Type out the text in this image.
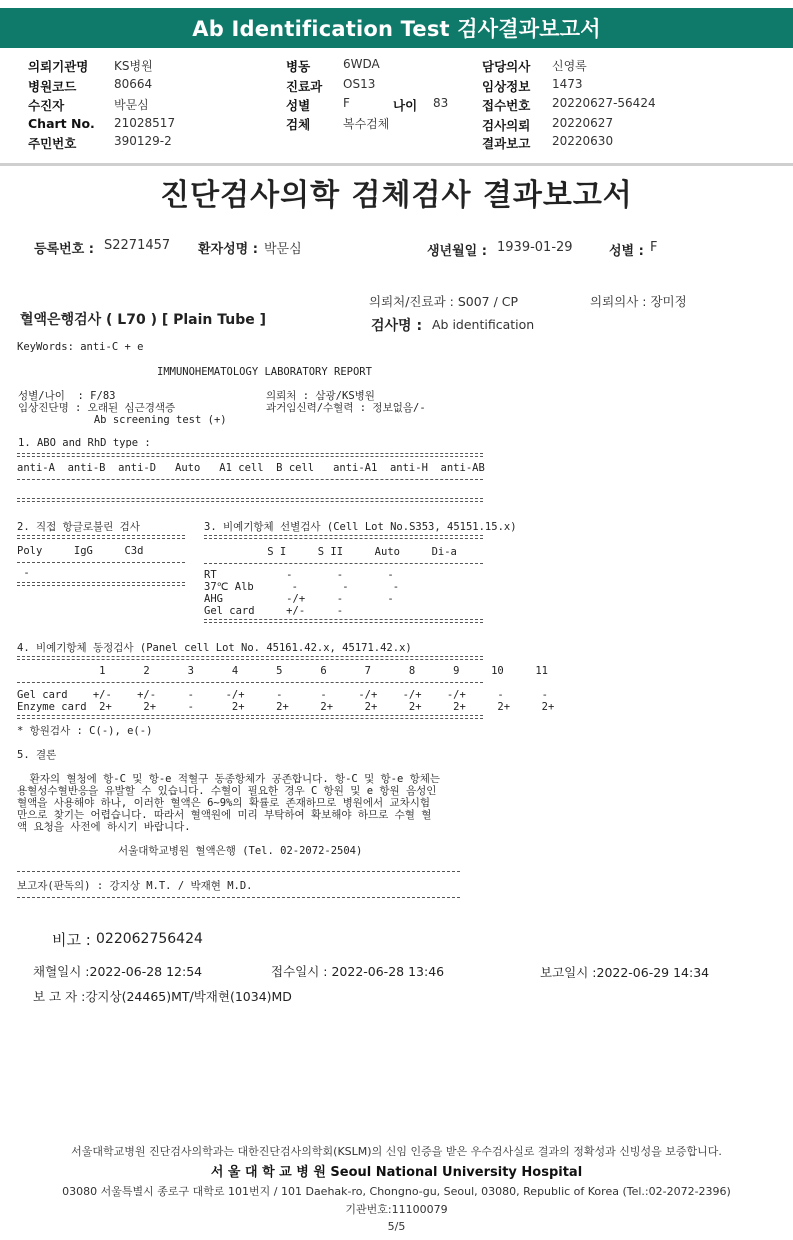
Ab Identification Test 검사결과보고서
의뢰기관명 KS병원
병원코드	80664
수진자	박문심
Chart No. 21028517
주민번호	390129-2
병동	6WDA
진료과 OS13
성별	F	나이 83
검체	복수검체
담당의사 신영록
임상정보 1473
접수번호 20220627-56424
검사의뢰 20220627
결과보고 20220630
진단검사의학 검체검사 결과보고서
등록번호 : S2271457 환자성명 : 박문심	생년월일 : 1939-01-29	성별 : F
의뢰처/진료과 : S007 / CP	의뢰의사 : 장미정
혈액은행검사 ( L70 ) [ Plain Tube ]	검사명 : Ab identification
KeyWords: anti-C + e
IMMUNOHEMATOLOGY LABORATORY REPORT
성별/나이  : F/83
임상진단명 : 오래된 심근경색증
Ab screening test (+)
의뢰처 : 삼광/KS병원
과거임신력/수혈력 : 정보없음/-
1. ABO and RhD type :
anti-A  anti-B  anti-D   Auto   A1 cell  B cell   anti-A1  anti-H  anti-AB
2. 직접 항글로불린 검사
Poly     IgG     C3d
-
3. 비예기항체 선별검사 (Cell Lot No.S353, 45151.15.x)
S I     S II     Auto     Di-a
RT           -       -       -
37℃ Alb      -       -       -
AHG          -/+     -       -
Gel card     +/-     -
4. 비예기항체 동정검사 (Panel cell Lot No. 45161.42.x, 45171.42.x)
1      2      3      4      5      6      7      8      9     10     11
Gel card    +/-    +/-     -     -/+     -      -     -/+    -/+    -/+     -      -
Enzyme card  2+     2+     -      2+     2+     2+     2+     2+     2+     2+     2+
* 항원검사 : C(-), e(-)
5. 결론
환자의 혈청에 항-C 및 항-e 적혈구 동종항체가 공존합니다. 항-C 및 항-e 항체는
용혈성수혈반응을 유발할 수 있습니다. 수혈이 필요한 경우 C 항원 및 e 항원 음성인
혈액을 사용해야 하나, 이러한 혈액은 6~9%의 확률로 존재하므로 병원에서 교차시험
만으로 찾기는 어렵습니다. 따라서 혈액원에 미리 부탁하여 확보해야 하므로 수혈 혈
액 요청을 사전에 하시기 바랍니다.
서울대학교병원 혈액은행 (Tel. 02-2072-2504)
보고자(판독의) : 강지상 M.T. / 박재현 M.D.
비고 : 022062756424
채혈일시 :2022-06-28 12:54	접수일시 : 2022-06-28 13:46	보고일시 :2022-06-29 14:34
보 고 자 :강지상(24465)MT/박재현(1034)MD
서울대학교병원 진단검사의학과는 대한진단검사의학회(KSLM)의 신임 인증을 받은 우수검사실로 결과의 정확성과 신빙성을 보증합니다.
서 울 대 학 교 병 원 Seoul National University Hospital
03080 서울특별시 종로구 대학로 101번지 / 101 Daehak-ro, Chongno-gu, Seoul, 03080, Republic of Korea (Tel.:02-2072-2396)
기관번호:11100079
5/5
